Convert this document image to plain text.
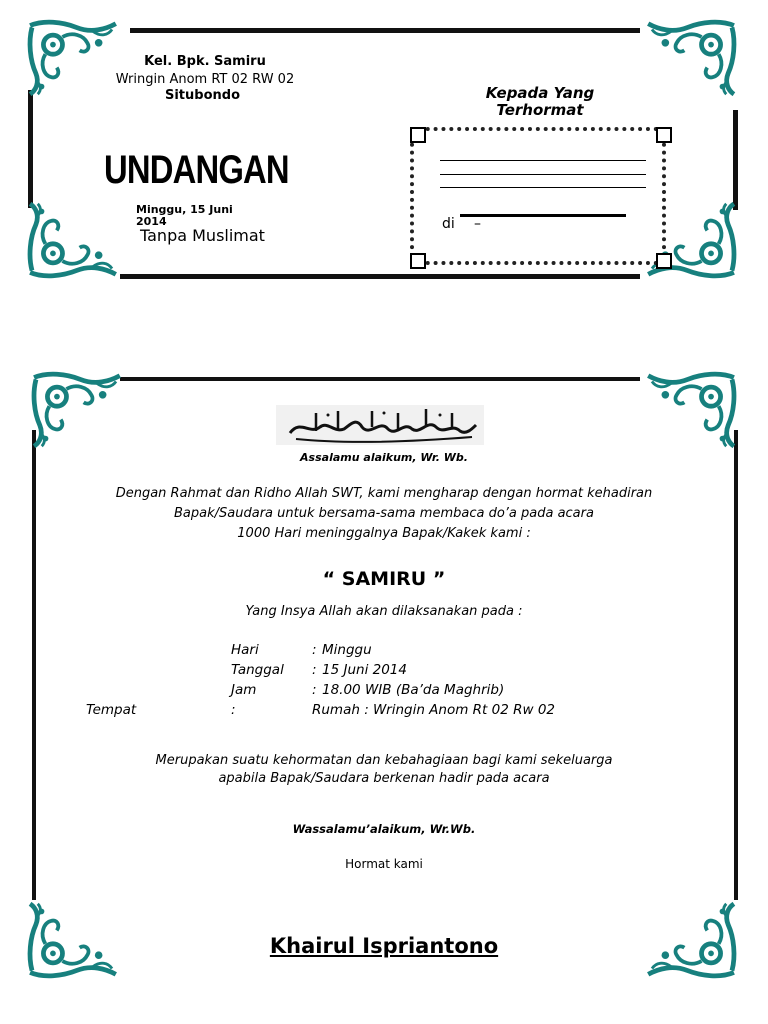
Kel. Bpk. Samiru
Wringin Anom RT 02 RW 02
Situbondo
UNDANGAN
Minggu, 15 Juni
2014
Tanpa Muslimat
Kepada Yang
Terhormat
di –
Assalamu alaikum, Wr. Wb.
Dengan Rahmat dan Ridho Allah SWT, kami mengharap dengan hormat kehadiran
Bapak/Saudara untuk bersama-sama membaca do’a pada acara
1000 Hari meninggalnya Bapak/Kakek kami :
“ SAMIRU ”
Yang Insya Allah akan dilaksanakan pada :
Hari	: Minggu
Tanggal : 15 Juni 2014
Jam	: 18.00 WIB (Ba’da Maghrib)
Tempat	:	Rumah : Wringin Anom Rt 02 Rw 02
Merupakan suatu kehormatan dan kebahagiaan bagi kami sekeluarga
apabila Bapak/Saudara berkenan hadir pada acara
Wassalamu’alaikum, Wr.Wb.
Hormat kami
Khairul Ispriantono
